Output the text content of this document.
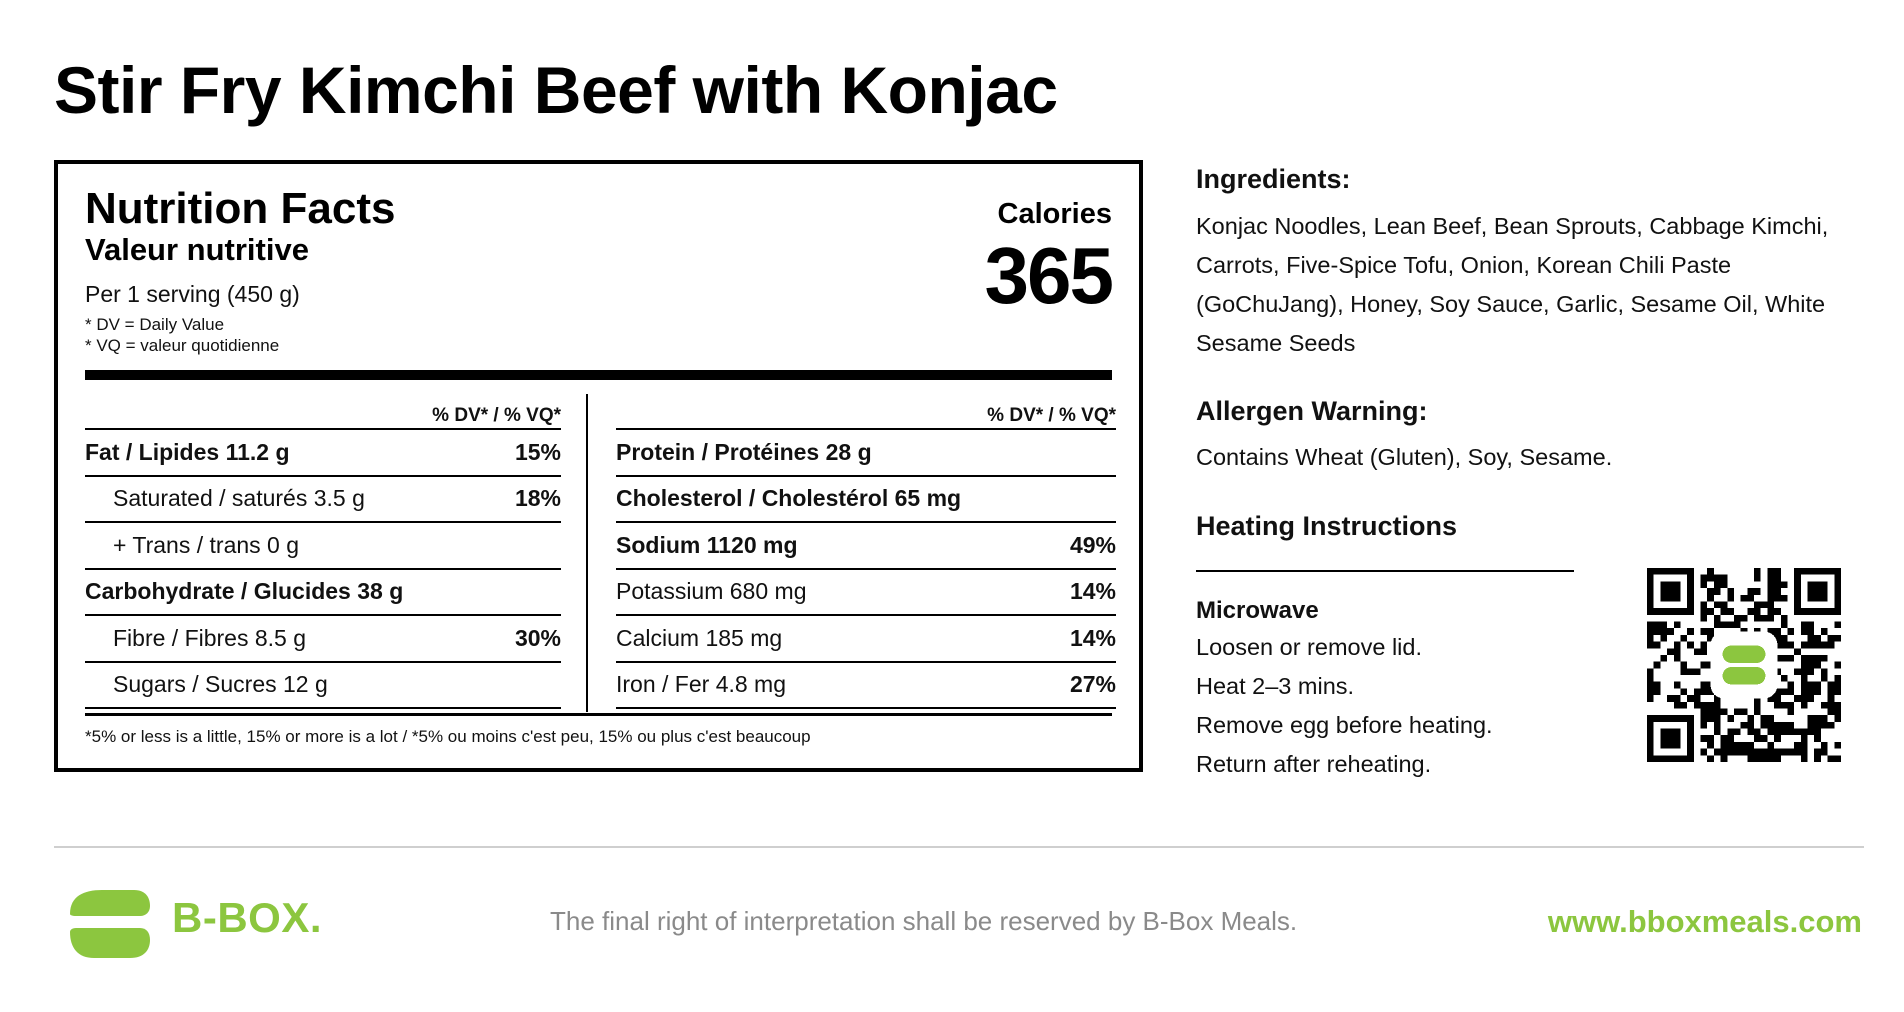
Stir Fry Kimchi Beef with Konjac
Nutrition Facts
Valeur nutritive
Per 1 serving (450 g)
* DV = Daily Value
* VQ = valeur quotidienne
Calories
365
% DV* / % VQ*
Fat / Lipides 11.2 g	15%
Saturated / saturés 3.5 g	18%
+ Trans / trans 0 g
Carbohydrate / Glucides 38 g
Fibre / Fibres 8.5 g	30%
Sugars / Sucres 12 g
% DV* / % VQ*
Protein / Protéines 28 g
Cholesterol / Cholestérol 65 mg
Sodium 1120 mg	49%
Potassium 680 mg	14%
Calcium 185 mg	14%
Iron / Fer 4.8 mg	27%
*5% or less is a little, 15% or more is a lot / *5% ou moins c'est peu, 15% ou plus c'est beaucoup
Ingredients:
Konjac Noodles, Lean Beef, Bean Sprouts, Cabbage Kimchi, Carrots, Five-Spice Tofu, Onion, Korean Chili Paste (GoChuJang), Honey, Soy Sauce, Garlic, Sesame Oil, White Sesame Seeds
Allergen Warning:
Contains Wheat (Gluten), Soy, Sesame.
Heating Instructions
Microwave
Loosen or remove lid.
Heat 2–3 mins.
Remove egg before heating.
Return after reheating.
B-BOX.	The final right of interpretation shall be reserved by B-Box Meals.	www.bboxmeals.com
